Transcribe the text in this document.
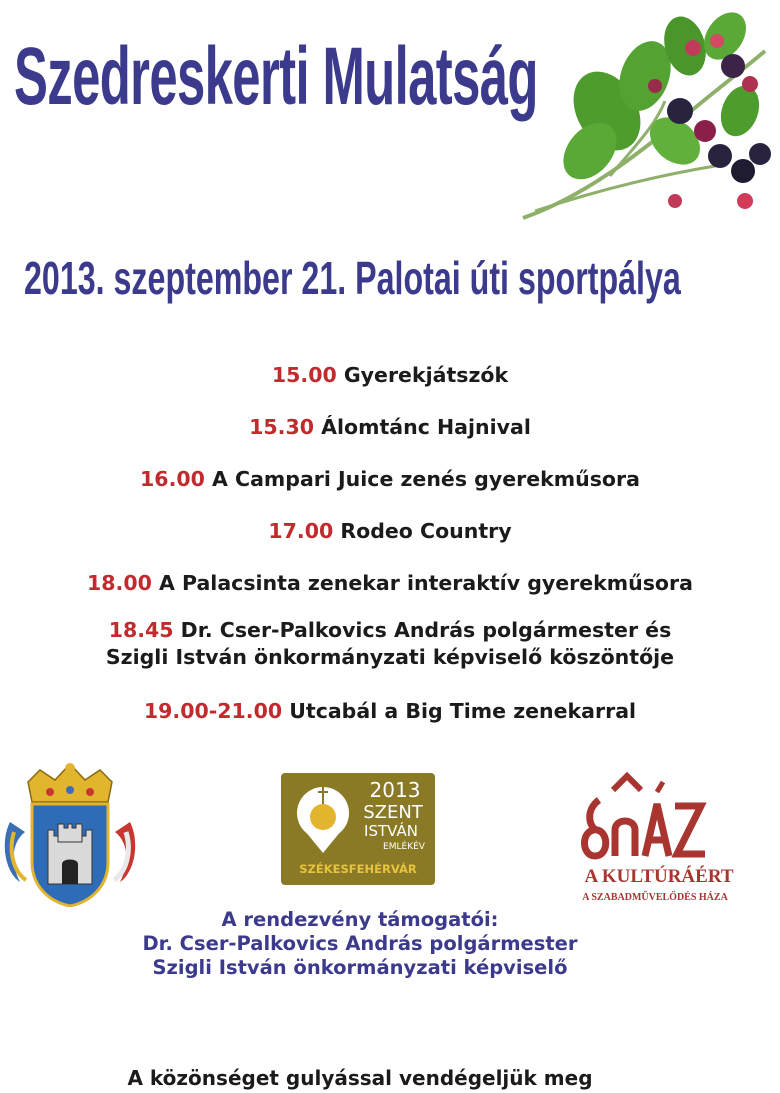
Szedreskerti Mulatság
2013. szeptember 21. Palotai úti sportpálya

15.00 Gyerekjátszók

15.30 Álomtánc Hajnival

16.00 A Campari Juice zenés gyerekműsora

17.00 Rodeo Country

18.00 A Palacsinta zenekar interaktív gyerekműsora

18.45 Dr. Cser-Palkovics András polgármester és
Szigli István önkormányzati képviselő köszöntője

19.00-21.00 Utcabál a Big Time zenekarral

2013
SZENT
ISTVÁN
EMLÉKÉV
SZÉKESFEHÉRVÁR	A KULTÚRÁÉRT
A SZABADMŰVELŐDÉS HÁZA
A rendezvény támogatói:
Dr. Cser-Palkovics András polgármester
Szigli István önkormányzati képviselő
A közönséget gulyással vendégeljük meg
